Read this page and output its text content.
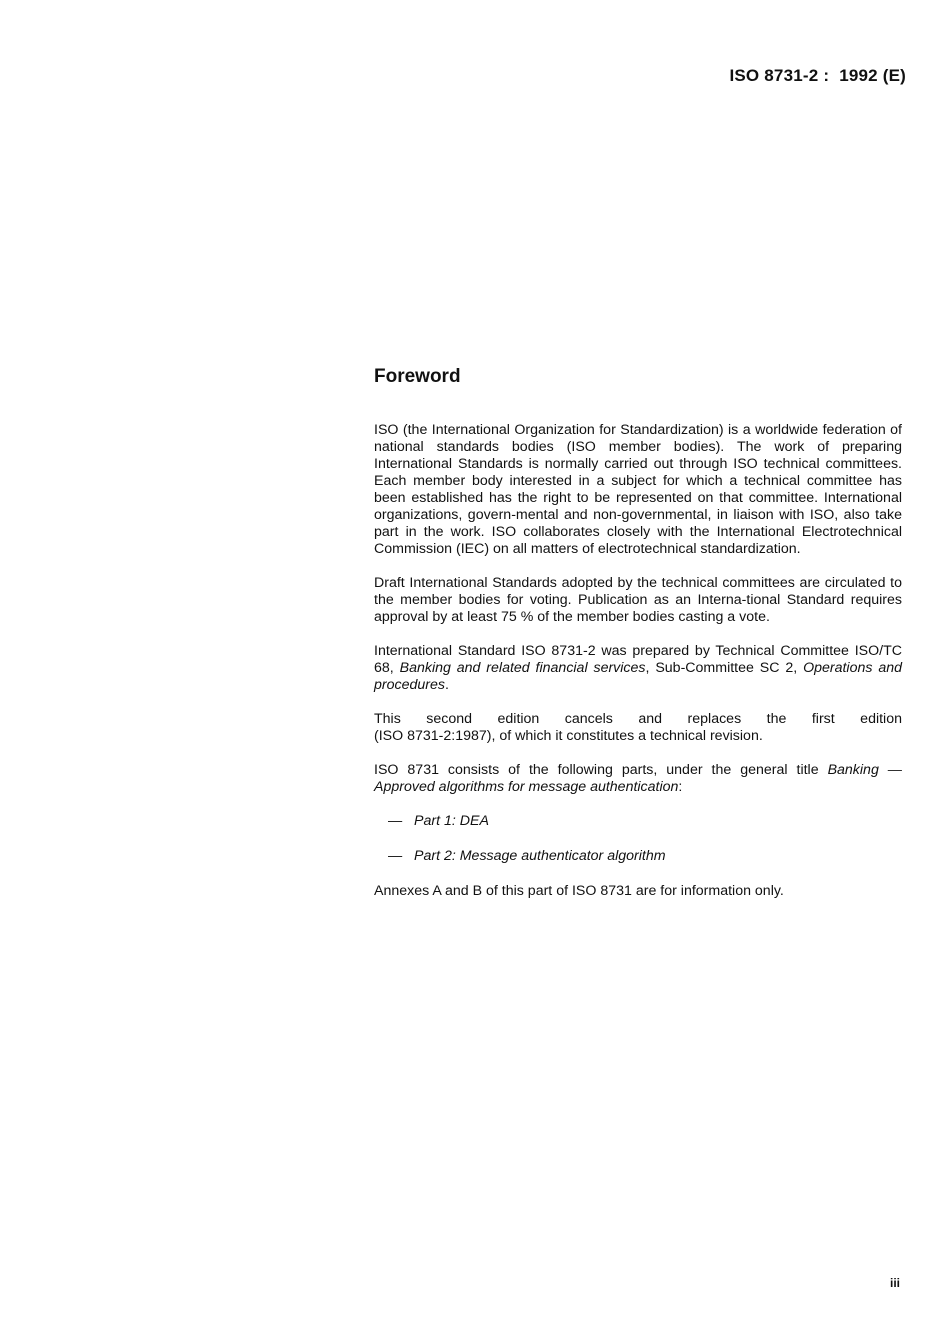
ISO 8731-2 : 1992 (E)
Foreword

ISO (the International Organization for Standardization) is a worldwide federation of national standards bodies (ISO member bodies). The work of preparing International Standards is normally carried out through ISO technical committees. Each member body interested in a subject for which a technical committee has been established has the right to be represented on that committee. International organizations, govern-mental and non-governmental, in liaison with ISO, also take part in the work. ISO collaborates closely with the International Electrotechnical Commission (IEC) on all matters of electrotechnical standardization.

Draft International Standards adopted by the technical committees are circulated to the member bodies for voting. Publication as an Interna-tional Standard requires approval by at least 75 % of the member bodies casting a vote.

International Standard ISO 8731-2 was prepared by Technical Committee ISO/TC 68, Banking and related financial services, Sub-Committee SC 2, Operations and procedures.

This second edition cancels and replaces the first edition
(ISO 8731-2:1987), of which it constitutes a technical revision.

ISO 8731 consists of the following parts, under the general title Banking — Approved algorithms for message authentication:

— Part 1: DEA
— Part 2: Message authenticator algorithm

Annexes A and B of this part of ISO 8731 are for information only.

iii
